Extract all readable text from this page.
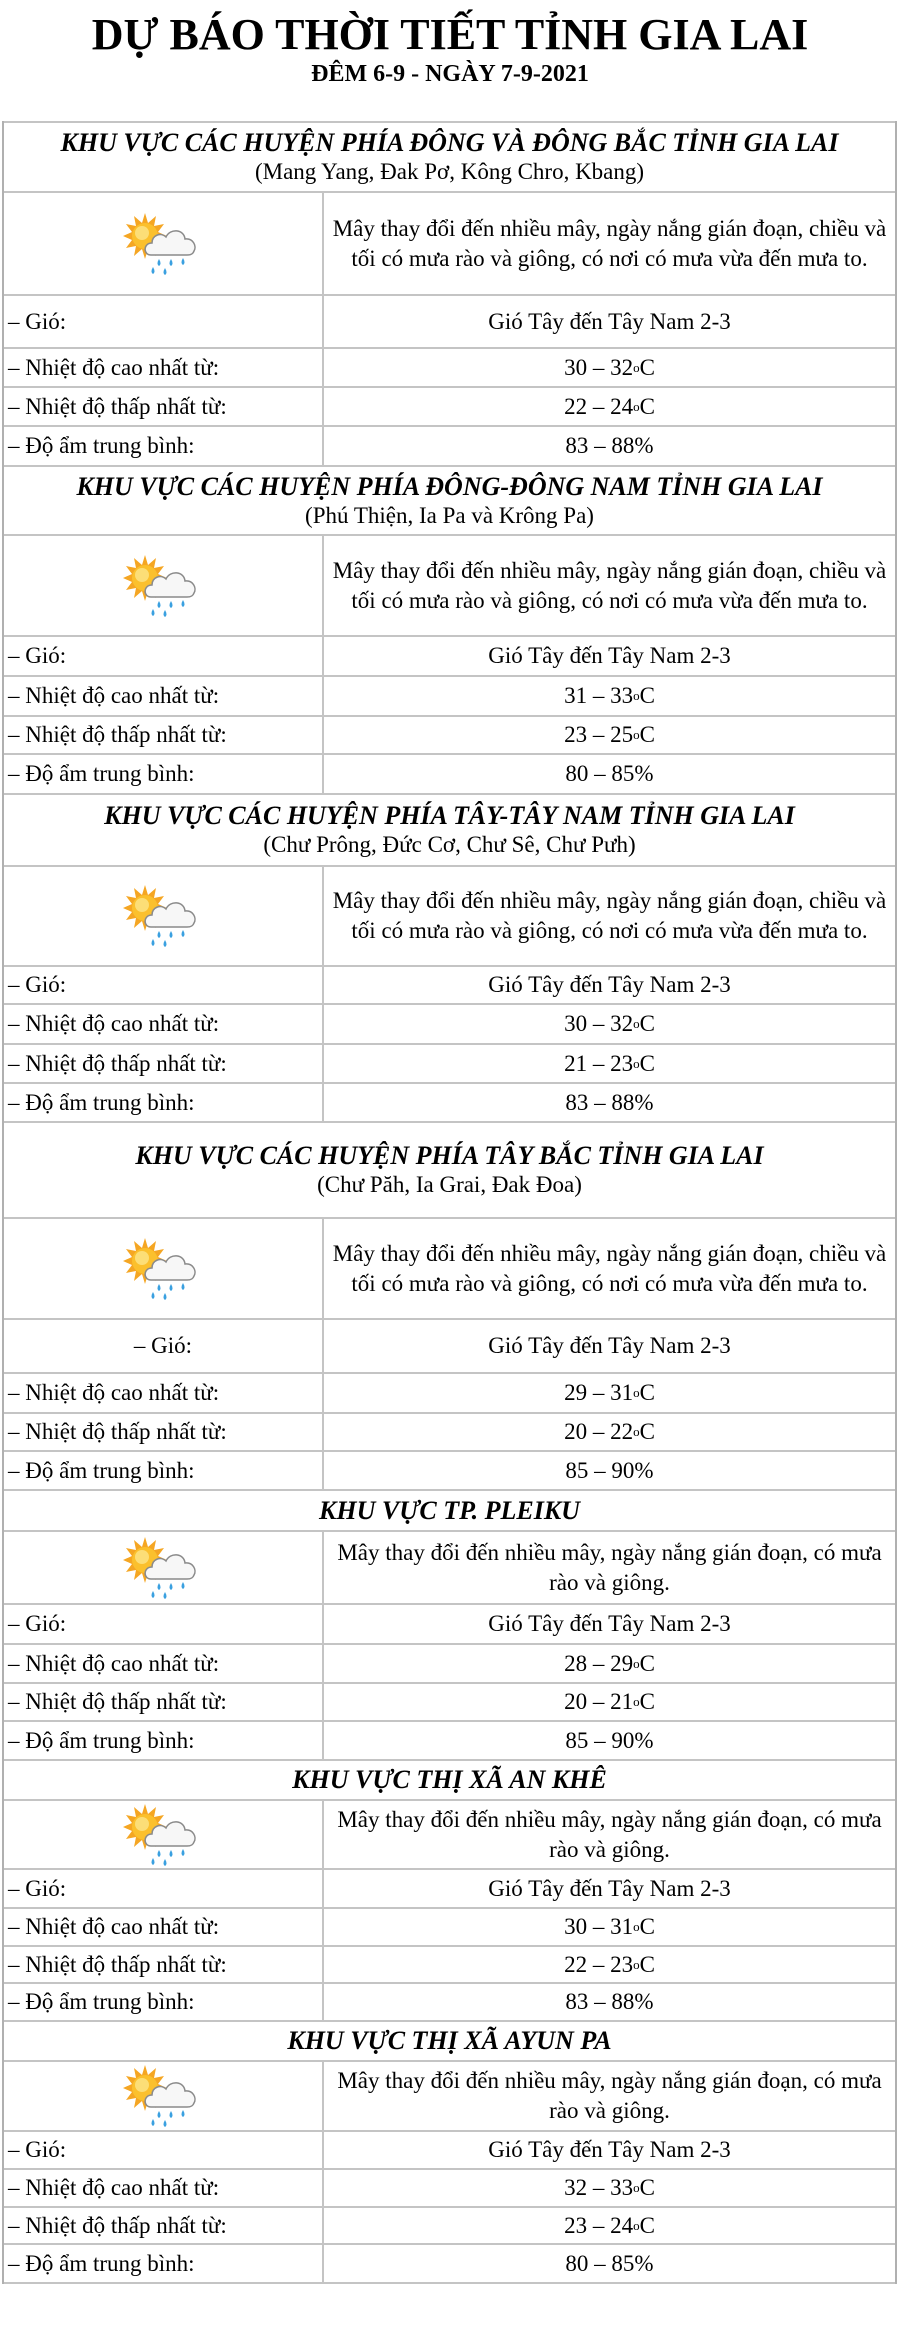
DỰ BÁO THỜI TIẾT TỈNH GIA LAI
ĐÊM 6-9 - NGÀY 7-9-2021
KHU VỰC CÁC HUYỆN PHÍA ĐÔNG VÀ ĐÔNG BẮC TỈNH GIA LAI
(Mang Yang, Đak Pơ, Kông Chro, Kbang)
Mây thay đổi đến nhiều mây, ngày nắng gián đoạn, chiều và tối có mưa rào và giông, có nơi có mưa vừa đến mưa to.
– Gió:	Gió Tây đến Tây Nam 2-3
– Nhiệt độ cao nhất từ:	30 – 32 o C
– Nhiệt độ thấp nhất từ:	22 – 24 o C
– Độ ẩm trung bình:	83 – 88%
KHU VỰC CÁC HUYỆN PHÍA ĐÔNG-ĐÔNG NAM TỈNH GIA LAI
(Phú Thiện, Ia Pa và Krông Pa)
Mây thay đổi đến nhiều mây, ngày nắng gián đoạn, chiều và tối có mưa rào và giông, có nơi có mưa vừa đến mưa to.
– Gió:	Gió Tây đến Tây Nam 2-3
– Nhiệt độ cao nhất từ:	31 – 33 o C
– Nhiệt độ thấp nhất từ:	23 – 25 o C
– Độ ẩm trung bình:	80 – 85%
KHU VỰC CÁC HUYỆN PHÍA TÂY-TÂY NAM TỈNH GIA LAI
(Chư Prông, Đức Cơ, Chư Sê, Chư Pưh)
Mây thay đổi đến nhiều mây, ngày nắng gián đoạn, chiều và tối có mưa rào và giông, có nơi có mưa vừa đến mưa to.
– Gió:	Gió Tây đến Tây Nam 2-3
– Nhiệt độ cao nhất từ:	30 – 32 o C
– Nhiệt độ thấp nhất từ:	21 – 23 o C
– Độ ẩm trung bình:	83 – 88%
KHU VỰC CÁC HUYỆN PHÍA TÂY BẮC TỈNH GIA LAI
(Chư Păh, Ia Grai, Đak Đoa)
Mây thay đổi đến nhiều mây, ngày nắng gián đoạn, chiều và tối có mưa rào và giông, có nơi có mưa vừa đến mưa to.
– Gió:	Gió Tây đến Tây Nam 2-3
– Nhiệt độ cao nhất từ:	29 – 31 o C
– Nhiệt độ thấp nhất từ:	20 – 22 o C
– Độ ẩm trung bình:	85 – 90%
KHU VỰC TP. PLEIKU
Mây thay đổi đến nhiều mây, ngày nắng gián đoạn, có mưa rào và giông.
– Gió:	Gió Tây đến Tây Nam 2-3
– Nhiệt độ cao nhất từ:	28 – 29 o C
– Nhiệt độ thấp nhất từ:	20 – 21 o C
– Độ ẩm trung bình:	85 – 90%
KHU VỰC THỊ XÃ AN KHÊ
Mây thay đổi đến nhiều mây, ngày nắng gián đoạn, có mưa rào và giông.
– Gió:	Gió Tây đến Tây Nam 2-3
– Nhiệt độ cao nhất từ:	30 – 31 o C
– Nhiệt độ thấp nhất từ:	22 – 23 o C
– Độ ẩm trung bình:	83 – 88%
KHU VỰC THỊ XÃ AYUN PA
Mây thay đổi đến nhiều mây, ngày nắng gián đoạn, có mưa rào và giông.
– Gió:	Gió Tây đến Tây Nam 2-3
– Nhiệt độ cao nhất từ:	32 – 33 o C
– Nhiệt độ thấp nhất từ:	23 – 24 o C
– Độ ẩm trung bình:	80 – 85%
